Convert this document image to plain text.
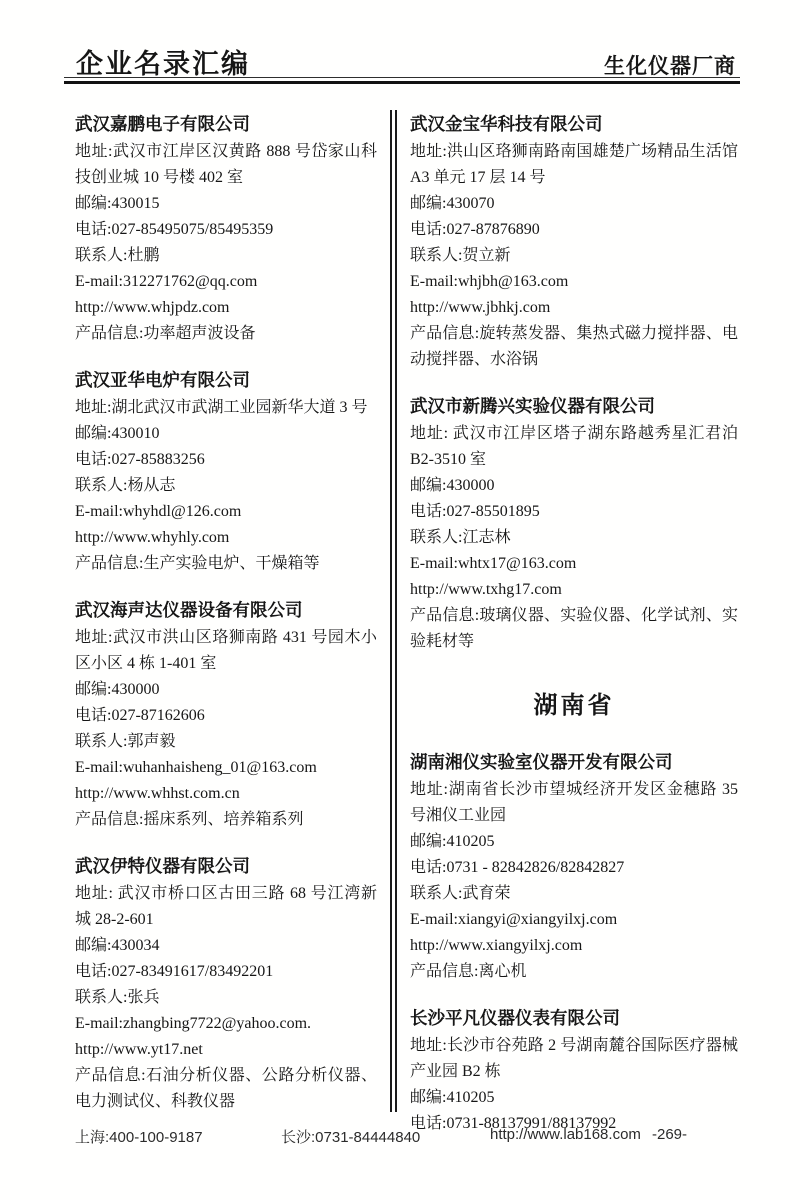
企业名录汇编	生化仪器厂商
武汉嘉鹏电子有限公司
地址:武汉市江岸区汉黄路 888 号岱家山科技创业城 10 号楼 402 室
邮编:430015
电话:027-85495075/85495359
联系人:杜鹏
E-mail:312271762@qq.com
http://www.whjpdz.com
产品信息:功率超声波设备
武汉亚华电炉有限公司
地址:湖北武汉市武湖工业园新华大道 3 号
邮编:430010
电话:027-85883256
联系人:杨从志
E-mail:whyhdl@126.com
http://www.whyhly.com
产品信息:生产实验电炉、干燥箱等
武汉海声达仪器设备有限公司
地址:武汉市洪山区珞狮南路 431 号园木小区小区 4 栋 1-401 室
邮编:430000
电话:027-87162606
联系人:郭声毅
E-mail:wuhanhaisheng_01@163.com
http://www.whhst.com.cn
产品信息:摇床系列、培养箱系列
武汉伊特仪器有限公司
地址: 武汉市桥口区古田三路 68 号江湾新城 28-2-601
邮编:430034
电话:027-83491617/83492201
联系人:张兵
E-mail:zhangbing7722@yahoo.com.
http://www.yt17.net
产品信息:石油分析仪器、公路分析仪器、电力测试仪、科教仪器
武汉金宝华科技有限公司
地址:洪山区珞狮南路南国雄楚广场精品生活馆 A3 单元 17 层 14 号
邮编:430070
电话:027-87876890
联系人:贺立新
E-mail:whjbh@163.com
http://www.jbhkj.com
产品信息:旋转蒸发器、集热式磁力搅拌器、电动搅拌器、水浴锅
武汉市新腾兴实验仪器有限公司
地址: 武汉市江岸区塔子湖东路越秀星汇君泊 B2-3510 室
邮编:430000
电话:027-85501895
联系人:江志林
E-mail:whtx17@163.com
http://www.txhg17.com
产品信息:玻璃仪器、实验仪器、化学试剂、实验耗材等
湖南省
湖南湘仪实验室仪器开发有限公司
地址:湖南省长沙市望城经济开发区金穗路 35 号湘仪工业园
邮编:410205
电话:0731 - 82842826/82842827
联系人:武育荣
E-mail:xiangyi@xiangyilxj.com
http://www.xiangyilxj.com
产品信息:离心机
长沙平凡仪器仪表有限公司
地址:长沙市谷苑路 2 号湖南麓谷国际医疗器械产业园 B2 栋
邮编:410205
电话:0731-88137991/88137992
上海:400-100-9187	长沙:0731-84444840	http://www.lab168.com -269-
